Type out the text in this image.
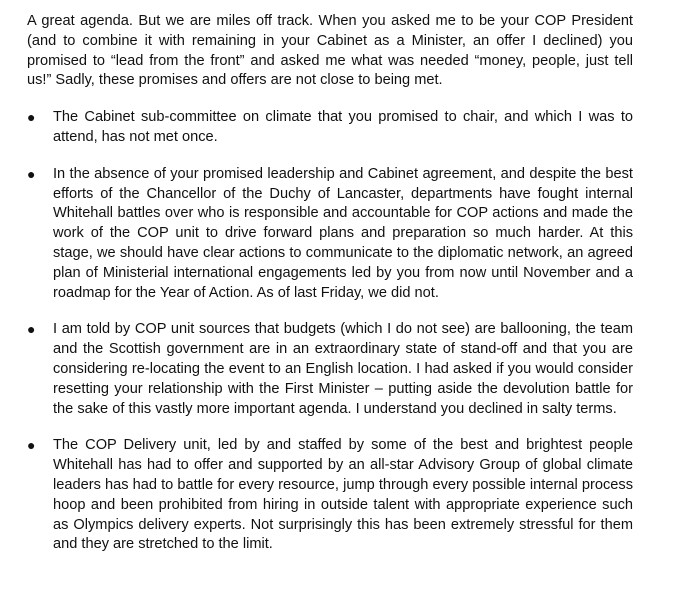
A great agenda. But we are miles off track. When you asked me to be your COP President (and to combine it with remaining in your Cabinet as a Minister, an offer I declined) you promised to “lead from the front” and asked me what was needed “money, people, just tell us!” Sadly, these promises and offers are not close to being met.

● The Cabinet sub-committee on climate that you promised to chair, and which I was to attend, has not met once.
● In the absence of your promised leadership and Cabinet agreement, and despite the best efforts of the Chancellor of the Duchy of Lancaster, departments have fought internal Whitehall battles over who is responsible and accountable for COP actions and made the work of the COP unit to drive forward plans and preparation so much harder. At this stage, we should have clear actions to communicate to the diplomatic network, an agreed plan of Ministerial international engagements led by you from now until November and a roadmap for the Year of Action. As of last Friday, we did not.
● I am told by COP unit sources that budgets (which I do not see) are ballooning, the team and the Scottish government are in an extraordinary state of stand-off and that you are considering re-locating the event to an English location. I had asked if you would consider resetting your relationship with the First Minister – putting aside the devolution battle for the sake of this vastly more important agenda. I understand you declined in salty terms.
● The COP Delivery unit, led by and staffed by some of the best and brightest people Whitehall has had to offer and supported by an all-star Advisory Group of global climate leaders has had to battle for every resource, jump through every possible internal process hoop and been prohibited from hiring in outside talent with appropriate experience such as Olympics delivery experts. Not surprisingly this has been extremely stressful for them and they are stretched to the limit.
